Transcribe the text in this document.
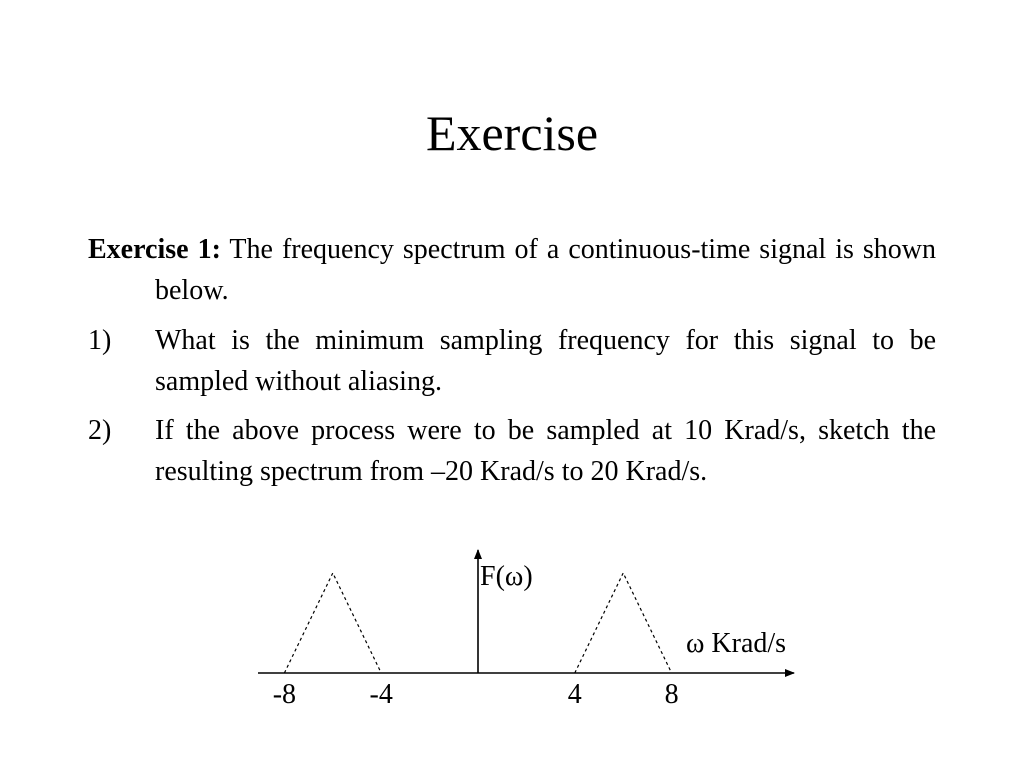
Exercise
Exercise 1: The frequency spectrum of a continuous-time signal is shown below.
1)	What is the minimum sampling frequency for this signal to be sampled without aliasing.
2)	If the above process were to be sampled at 10 Krad/s, sketch the resulting spectrum from –20 Krad/s to 20 Krad/s.
F(ω)
ω Krad/s
-8	-4	4	8
